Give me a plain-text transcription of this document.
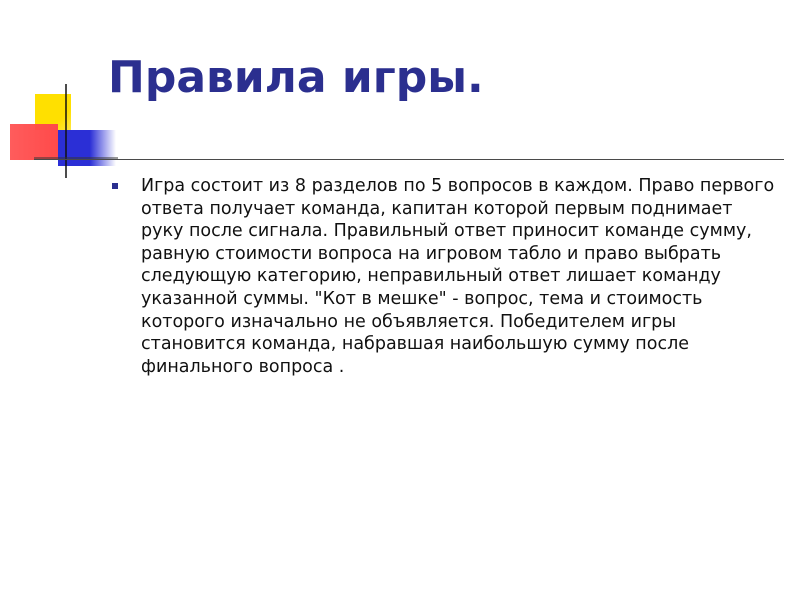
Правила игры.
Игра состоит из 8 разделов по 5 вопросов в каждом. Право первого ответа получает команда, капитан которой первым поднимает руку после сигнала. Правильный ответ приносит команде сумму, равную стоимости вопроса на игровом табло и право выбрать следующую категорию, неправильный ответ лишает команду указанной суммы. "Кот в мешке" - вопрос, тема и стоимость которого изначально не объявляется. Победителем игры становится команда, набравшая наибольшую сумму после финального вопроса .
